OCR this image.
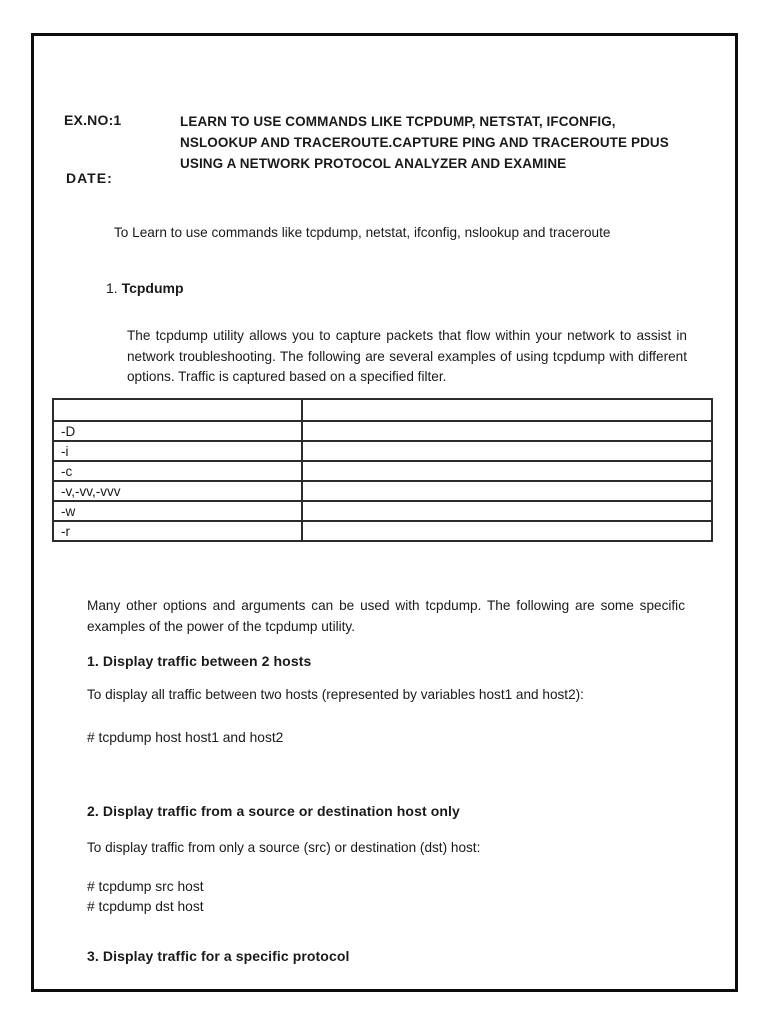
EX.NO:1	LEARN TO USE COMMANDS LIKE TCPDUMP, NETSTAT, IFCONFIG,
NSLOOKUP AND TRACEROUTE.CAPTURE PING AND TRACEROUTE PDUS
USING A NETWORK PROTOCOL ANALYZER AND EXAMINE
DATE:
To Learn to use commands like tcpdump, netstat, ifconfig, nslookup and traceroute
1. Tcpdump
The tcpdump utility allows you to capture packets that flow within your network to assist in network troubleshooting. The following are several examples of using tcpdump with different options. Traffic is captured based on a specified filter.

-D	
-i	
-c	
-v,-vv,-vvv	
-w	
-r	
Many other options and arguments can be used with tcpdump. The following are some specific examples of the power of the tcpdump utility.
1. Display traffic between 2 hosts
To display all traffic between two hosts (represented by variables host1 and host2):
# tcpdump host host1 and host2
2. Display traffic from a source or destination host only
To display traffic from only a source (src) or destination (dst) host:
# tcpdump src host
# tcpdump dst host
3. Display traffic for a specific protocol
